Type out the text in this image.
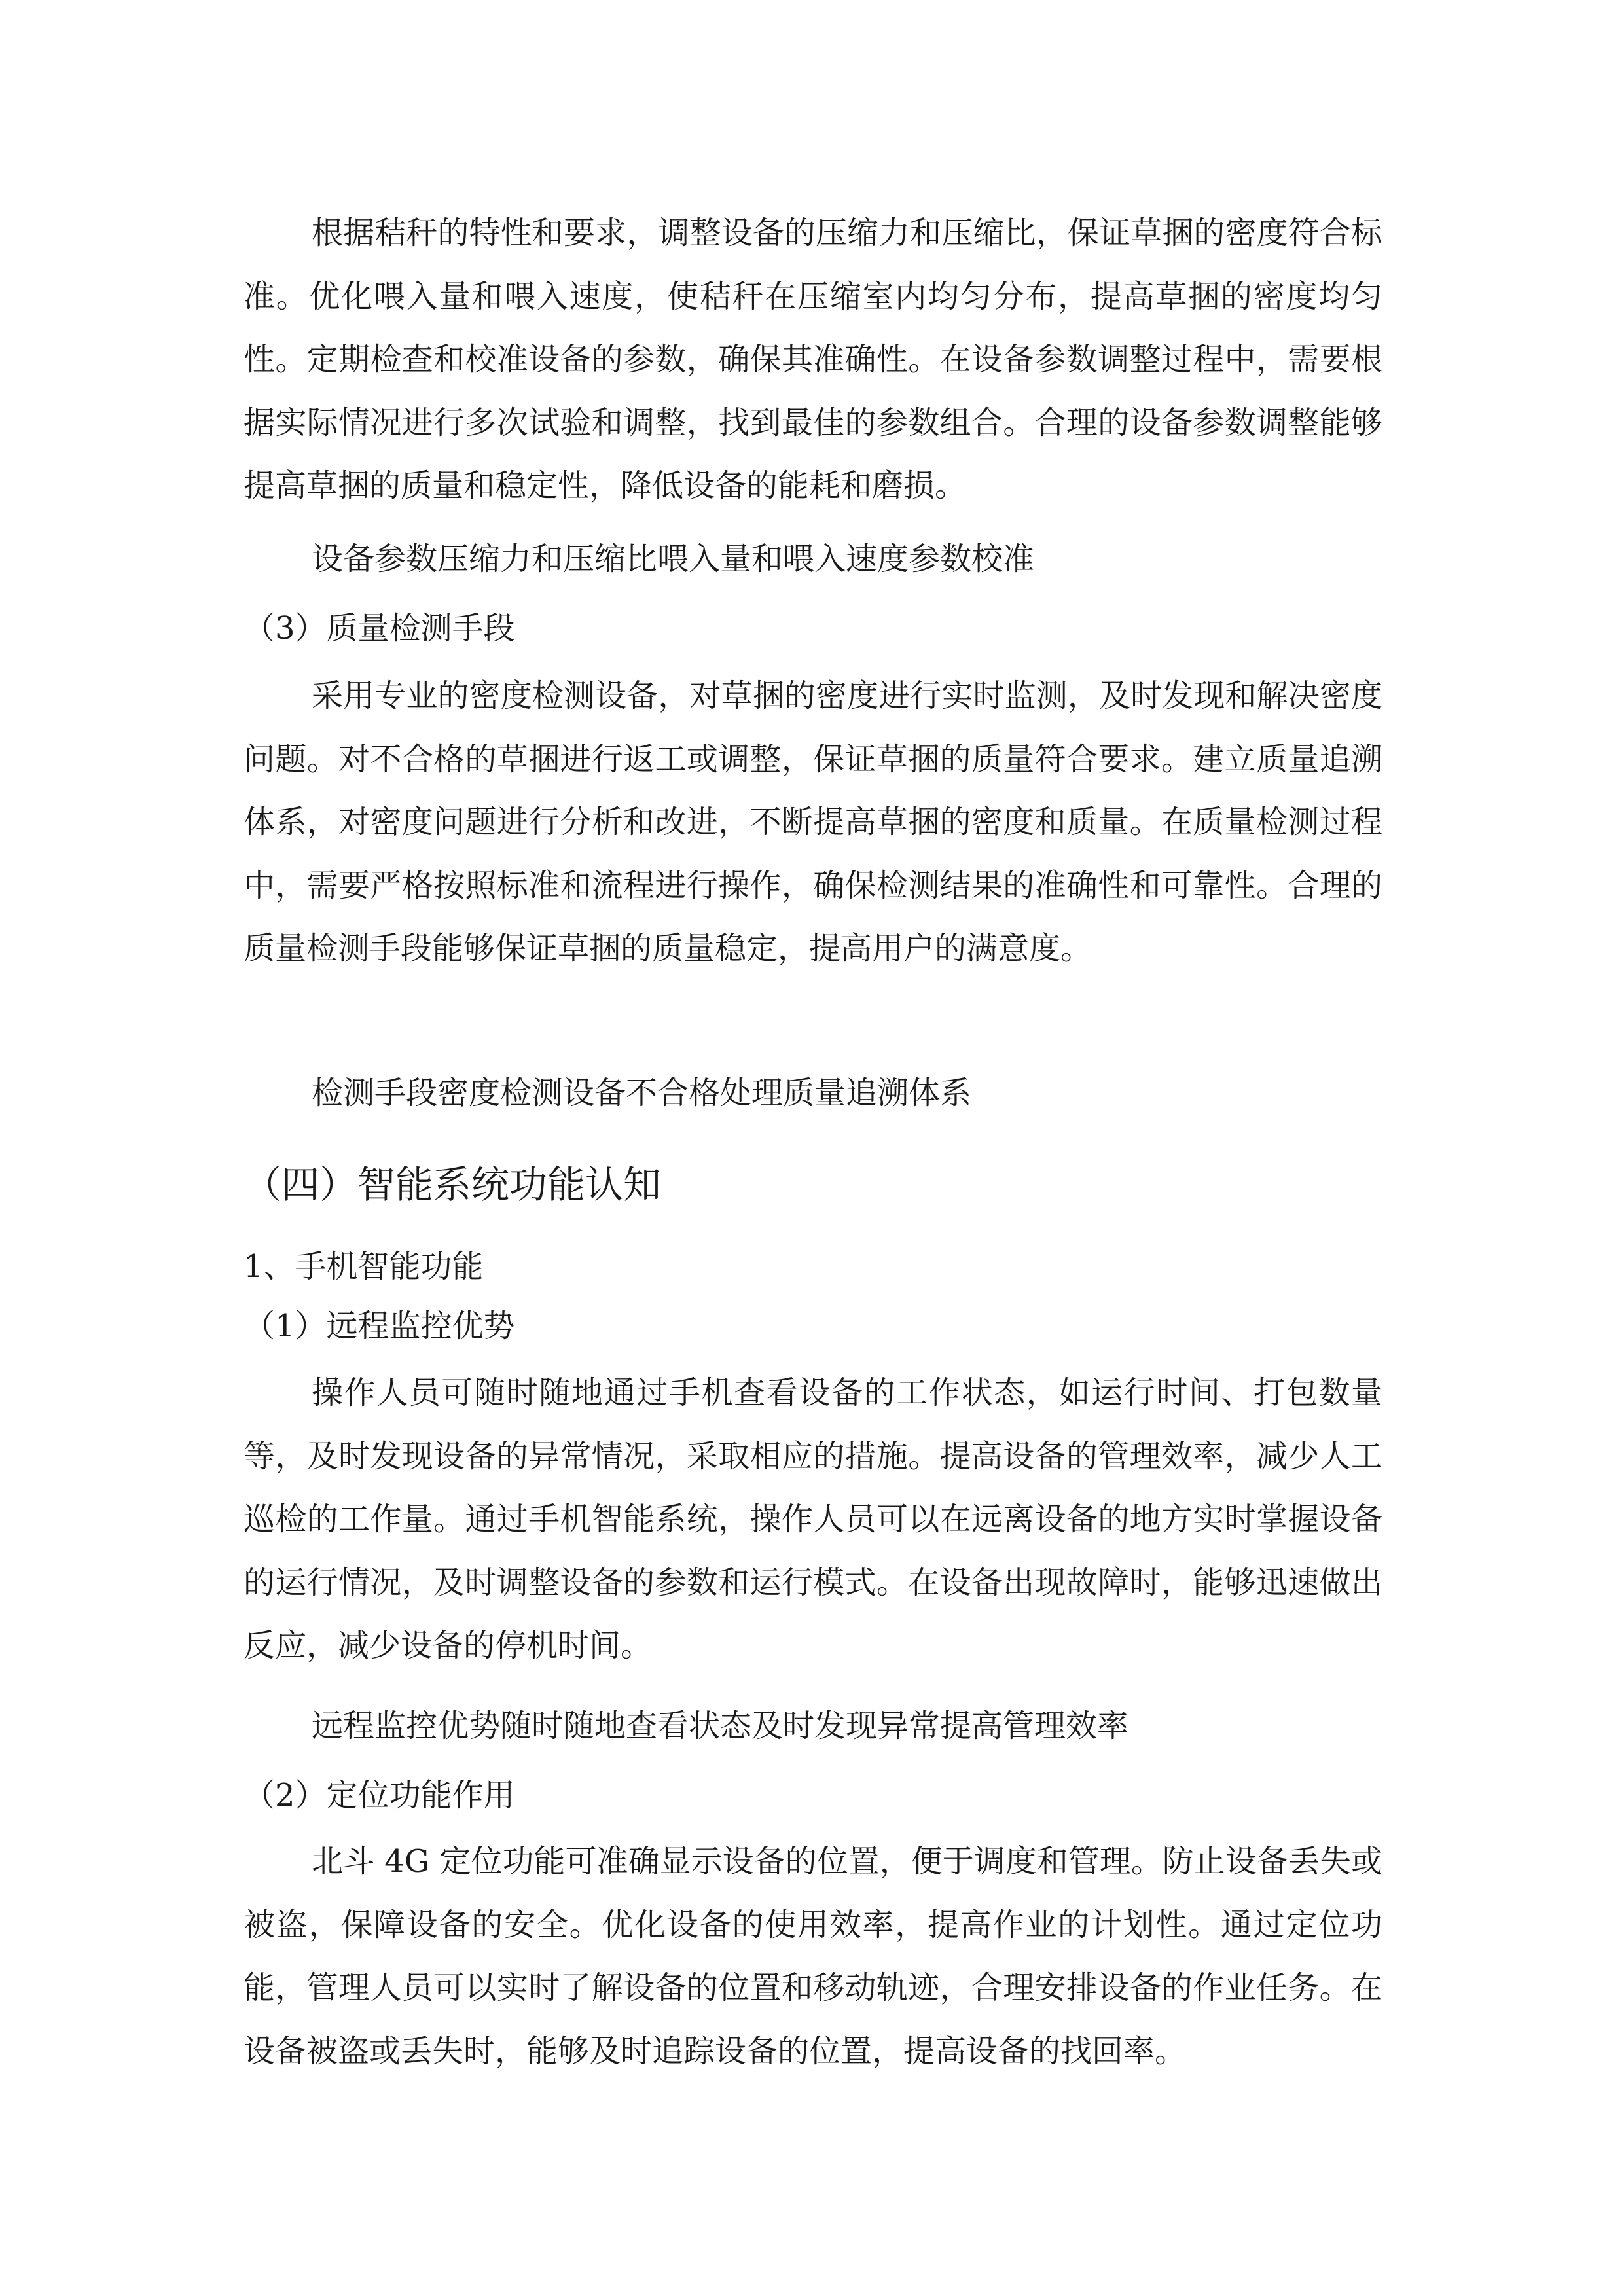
根据秸秆的特性和要求，调整设备的压缩力和压缩比，保证草捆的密度符合标准。优化喂入量和喂入速度，使秸秆在压缩室内均匀分布，提高草捆的密度均匀性。定期检查和校准设备的参数，确保其准确性。在设备参数调整过程中，需要根据实际情况进行多次试验和调整，找到最佳的参数组合。合理的设备参数调整能够提高草捆的质量和稳定性，降低设备的能耗和磨损。

设备参数压缩力和压缩比喂入量和喂入速度参数校准

（3）质量检测手段

采用专业的密度检测设备，对草捆的密度进行实时监测，及时发现和解决密度问题。对不合格的草捆进行返工或调整，保证草捆的质量符合要求。建立质量追溯体系，对密度问题进行分析和改进，不断提高草捆的密度和质量。在质量检测过程中，需要严格按照标准和流程进行操作，确保检测结果的准确性和可靠性。合理的质量检测手段能够保证草捆的质量稳定，提高用户的满意度。

检测手段密度检测设备不合格处理质量追溯体系

（四）智能系统功能认知

1、手机智能功能

（1）远程监控优势

操作人员可随时随地通过手机查看设备的工作状态，如运行时间、打包数量等，及时发现设备的异常情况，采取相应的措施。提高设备的管理效率，减少人工巡检的工作量。通过手机智能系统，操作人员可以在远离设备的地方实时掌握设备的运行情况，及时调整设备的参数和运行模式。在设备出现故障时，能够迅速做出反应，减少设备的停机时间。

远程监控优势随时随地查看状态及时发现异常提高管理效率

（2）定位功能作用

北斗 4G 定位功能可准确显示设备的位置，便于调度和管理。防止设备丢失或被盗，保障设备的安全。优化设备的使用效率，提高作业的计划性。通过定位功能，管理人员可以实时了解设备的位置和移动轨迹，合理安排设备的作业任务。在设备被盗或丢失时，能够及时追踪设备的位置，提高设备的找回率。
